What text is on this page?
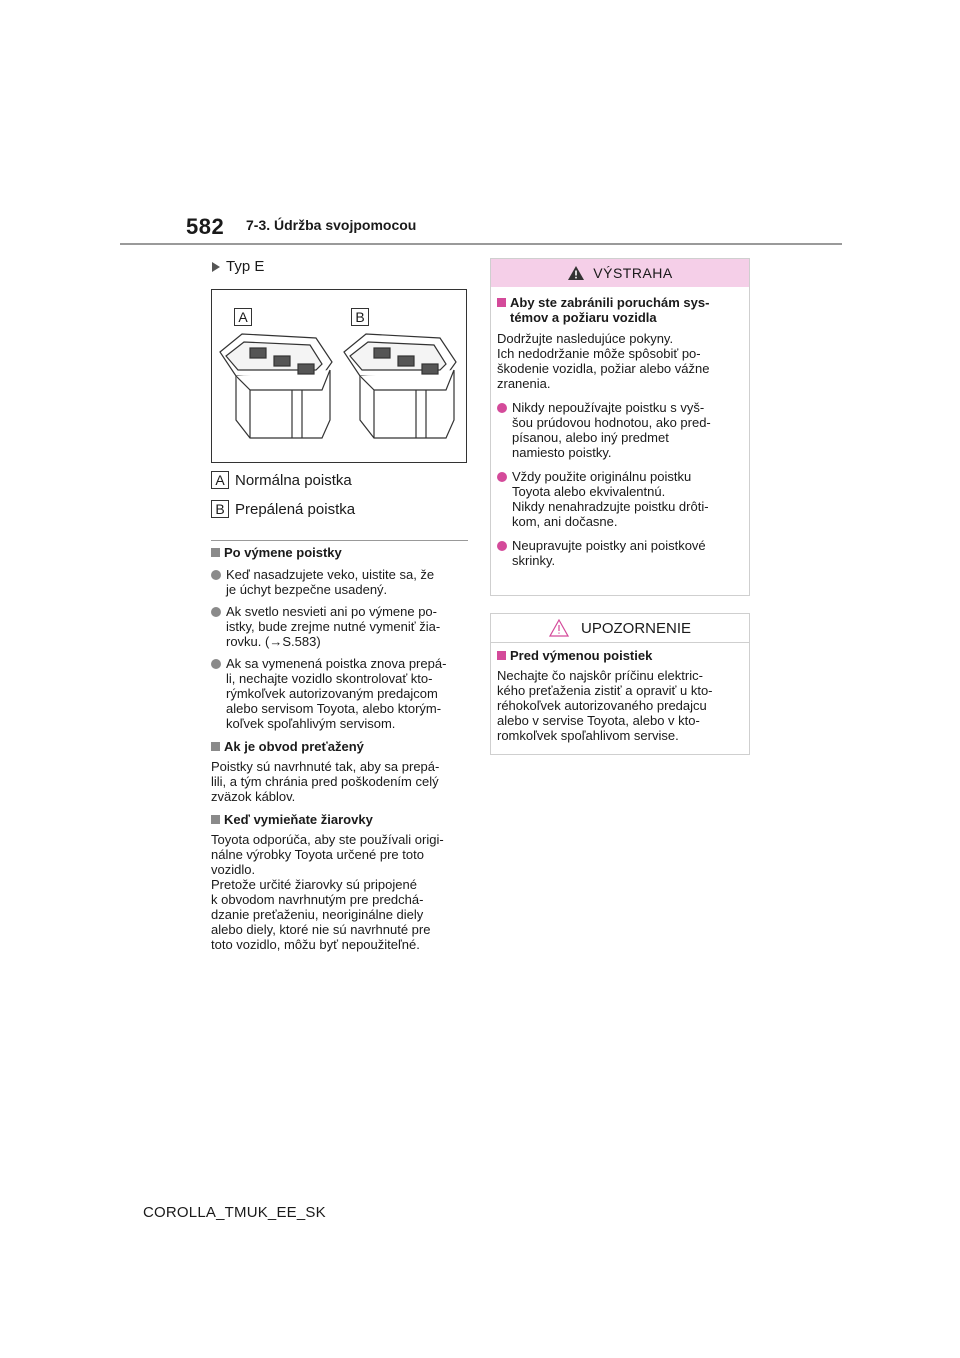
582 7-3. Údržba svojpomocou
Typ E
A	B
A Normálna poistka
B Prepálená poistka
Po výmene poistky
Keď nasadzujete veko, uistite sa, že
je úchyt bezpečne usadený.
Ak svetlo nesvieti ani po výmene po-
istky, bude zrejme nutné vymeniť žia-
rovku. (→S.583)
Ak sa vymenená poistka znova prepá-
li, nechajte vozidlo skontrolovať kto-
rýmkoľvek autorizovaným predajcom
alebo servisom Toyota, alebo ktorým-
koľvek spoľahlivým servisom.
Ak je obvod preťažený
Poistky sú navrhnuté tak, aby sa prepá-
lili, a tým chránia pred poškodením celý
zväzok káblov.
Keď vymieňate žiarovky
Toyota odporúča, aby ste používali origi-
nálne výrobky Toyota určené pre toto
vozidlo.
Pretože určité žiarovky sú pripojené
k obvodom navrhnutým pre predchá-
dzanie preťaženiu, neoriginálne diely
alebo diely, ktoré nie sú navrhnuté pre
toto vozidlo, môžu byť nepoužiteľné.
VÝSTRAHA
Aby ste zabránili poruchám sys-
témov a požiaru vozidla
Dodržujte nasledujúce pokyny.
Ich nedodržanie môže spôsobiť po-
škodenie vozidla, požiar alebo vážne
zranenia.
Nikdy nepoužívajte poistku s vyš-
šou prúdovou hodnotou, ako pred-
písanou, alebo iný predmet
namiesto poistky.
Vždy použite originálnu poistku
Toyota alebo ekvivalentnú.
Nikdy nenahradzujte poistku drôti-
kom, ani dočasne.
Neupravujte poistky ani poistkové
skrinky.
UPOZORNENIE
Pred výmenou poistiek
Nechajte čo najskôr príčinu elektric-
kého preťaženia zistiť a opraviť u kto-
réhokoľvek autorizovaného predajcu
alebo v servise Toyota, alebo v kto-
romkoľvek spoľahlivom servise.
COROLLA_TMUK_EE_SK
